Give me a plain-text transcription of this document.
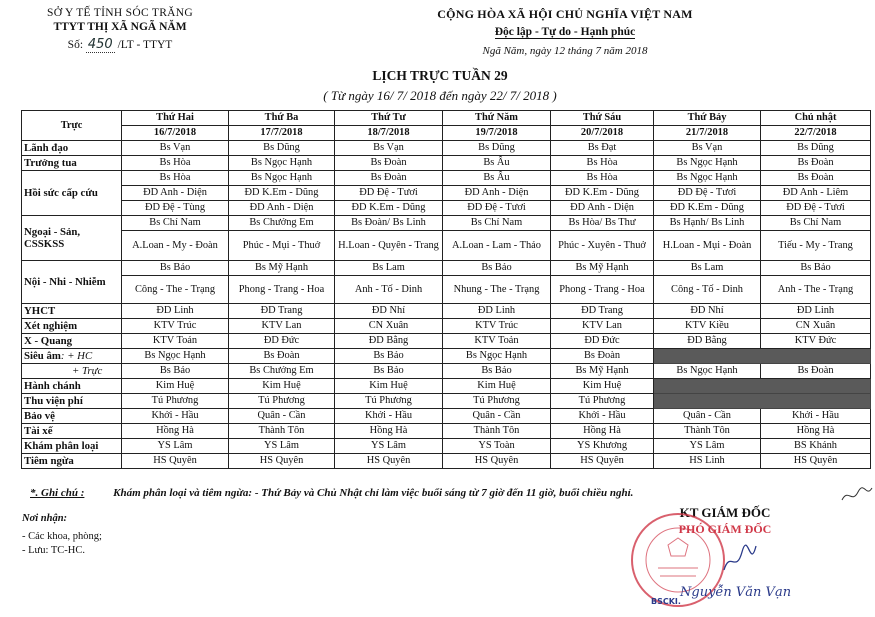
SỞ Y TẾ TỈNH SÓC TRĂNG
TTYT THỊ XÃ NGÃ NĂM
Số: 450 /LT - TTYT
CỘNG HÒA XÃ HỘI CHỦ NGHĨA VIỆT NAM
Độc lập - Tự do - Hạnh phúc
Ngã Năm, ngày 12 tháng 7 năm 2018
LỊCH TRỰC TUẦN 29
( Từ ngày 16/ 7/ 2018 đến ngày 22/ 7/ 2018 )
Trực	Thứ Hai	Thứ Ba	Thứ Tư	Thứ Năm	Thứ Sáu	Thứ Bảy	Chủ nhật
	16/7/2018	17/7/2018	18/7/2018	19/7/2018	20/7/2018	21/7/2018	22/7/2018
Lãnh đạo	Bs Vạn	Bs Dũng	Bs Vạn	Bs Dũng	Bs Đạt	Bs Vạn	Bs Dũng
Trưởng tua	Bs Hòa	Bs Ngọc Hạnh	Bs Đoàn	Bs Âu	Bs Hòa	Bs Ngọc Hạnh	Bs Đoàn
Hồi sức cấp cứu	Bs Hòa	Bs Ngọc Hạnh	Bs Đoàn	Bs Âu	Bs Hòa	Bs Ngọc Hạnh	Bs Đoàn
	ĐD Anh - Diện	ĐD K.Em - Dũng	ĐD Đệ - Tươi	ĐD Anh - Diện	ĐD K.Em - Dũng	ĐD Đệ - Tươi	ĐD Anh - Liêm
	ĐD Đệ - Tùng	ĐD Anh - Diện	ĐD K.Em - Dũng	ĐD Đệ - Tươi	ĐD Anh - Diện	ĐD K.Em - Dũng	ĐD Đệ - Tươi
Ngoại - Sản, CSSKSS	Bs Chí Nam	Bs Chưởng Em	Bs Đoàn/ Bs Linh	Bs Chí Nam	Bs Hòa/ Bs Thư	Bs Hạnh/ Bs Linh	Bs Chí Nam
	A.Loan - My - Đoàn	Phúc - Mụi - Thuở	H.Loan - Quyên - Trang	A.Loan - Lam - Thảo	Phúc - Xuyên - Thuở	H.Loan - Mụi - Đoàn	Tiếu - My - Trang
Nội - Nhi - Nhiễm	Bs Bảo	Bs Mỹ Hạnh	Bs Lam	Bs Bảo	Bs Mỹ Hạnh	Bs Lam	Bs Bảo
	Công - The - Trạng	Phong - Trang - Hoa	Anh - Tố - Dinh	Nhung - The - Trạng	Phong - Trang - Hoa	Công - Tố - Dinh	Anh - The - Trạng
YHCT	ĐD Linh	ĐD Trang	ĐD Nhí	ĐD Linh	ĐD Trang	ĐD Nhí	ĐD Linh
Xét nghiệm	KTV Trúc	KTV Lan	CN Xuân	KTV Trúc	KTV Lan	KTV Kiều	CN Xuân
X - Quang	KTV Toản	ĐD Đức	ĐD Bằng	KTV Toản	ĐD Đức	ĐD Bằng	KTV Đức
Siêu âm: + HC	Bs Ngọc Hạnh	Bs Đoàn	Bs Bảo	Bs Ngọc Hạnh	Bs Đoàn		
+ Trực	Bs Bảo	Bs Chưởng Em	Bs Bảo	Bs Bảo	Bs Mỹ Hạnh	Bs Ngọc Hạnh	Bs Đoàn
Hành chánh	Kim Huệ	Kim Huệ	Kim Huệ	Kim Huệ	Kim Huệ		
Thu viện phí	Tú Phương	Tú Phương	Tú Phương	Tú Phương	Tú Phương		
Bảo vệ	Khởi - Hầu	Quân - Cần	Khởi - Hầu	Quân - Cần	Khởi - Hầu	Quân - Cần	Khởi - Hầu
Tài xế	Hồng Hà	Thành Tôn	Hồng Hà	Thành Tôn	Hồng Hà	Thành Tôn	Hồng Hà
Khám phân loại	YS Lâm	YS Lâm	YS Lâm	YS Toàn	YS Khương	YS Lâm	BS Khánh
Tiêm ngừa	HS Quyên	HS Quyên	HS Quyên	HS Quyên	HS Quyên	HS Linh	HS Quyên
*. Ghi chú :	Khám phân loại và tiêm ngừa: - Thứ Bảy và Chủ Nhật chỉ làm việc buổi sáng từ 7 giờ đến 11 giờ, buổi chiều nghỉ.
Nơi nhận:
- Các khoa, phòng;
- Lưu: TC-HC.
KT GIÁM ĐỐC
PHÓ GIÁM ĐỐC
BSCKI.
Nguyễn Văn Vạn
